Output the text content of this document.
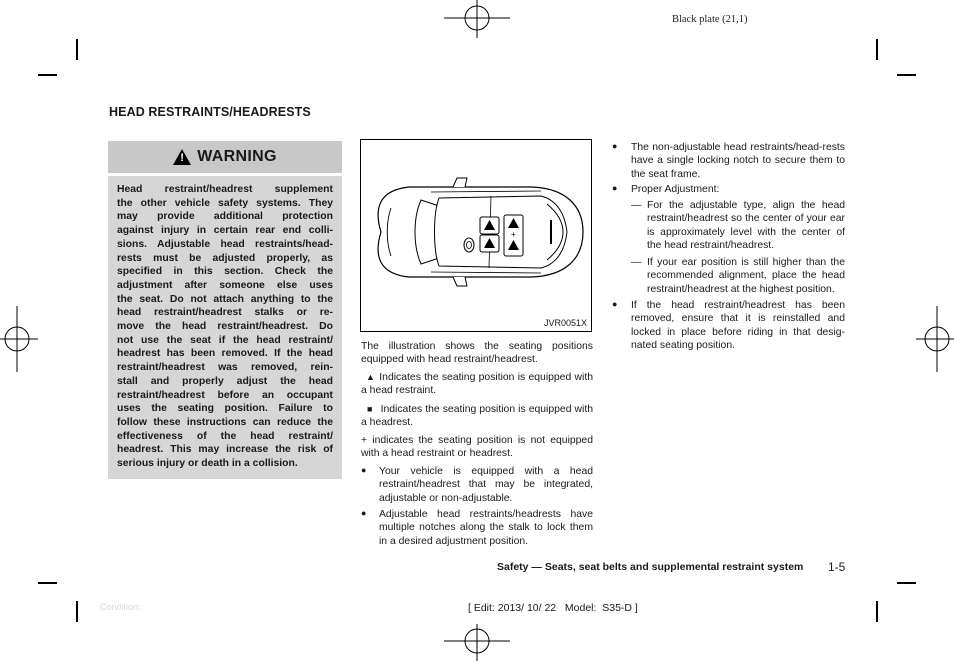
Black plate (21,1)
HEAD RESTRAINTS/HEADRESTS
! WARNING
Head restraint/headrest supplement
the other vehicle safety systems. They
may provide additional protection
against injury in certain rear end colli-
sions. Adjustable head restraints/head-
rests must be adjusted properly, as
specified in this section. Check the
adjustment after someone else uses
the seat. Do not attach anything to the
head restraint/headrest stalks or re-
move the head restraint/headrest. Do
not use the seat if the head restraint/
headrest has been removed. If the head
restraint/headrest was removed, rein-
stall and properly adjust the head
restraint/headrest before an occupant
uses the seating position. Failure to
follow these instructions can reduce the
effectiveness of the head restraint/
headrest. This may increase the risk of
serious injury or death in a collision.
+
JVR0051X
The illustration shows the seating positions equipped with head restraint/headrest.
▲ Indicates the seating position is equipped with a head restraint.
■ Indicates the seating position is equipped with a headrest.
+ indicates the seating position is not equipped with a head restraint or headrest.
● Your vehicle is equipped with a head restraint/headrest that may be integrated, adjustable or non-adjustable.
● Adjustable head restraints/headrests have multiple notches along the stalk to lock them in a desired adjustment position.
● The non-adjustable head restraints/head-rests have a single locking notch to secure them to the seat frame.
● Proper Adjustment:
— For the adjustable type, align the head restraint/headrest so the center of your ear is approximately level with the center of the head restraint/headrest.
— If your ear position is still higher than the recommended alignment, place the head restraint/headrest at the highest position.
● If the head restraint/headrest has been removed, ensure that it is reinstalled and locked in place before riding in that desig-nated seating position.
Safety — Seats, seat belts and supplemental restraint system 1-5
Condition:	[ Edit: 2013/ 10/ 22   Model:  S35-D ]
